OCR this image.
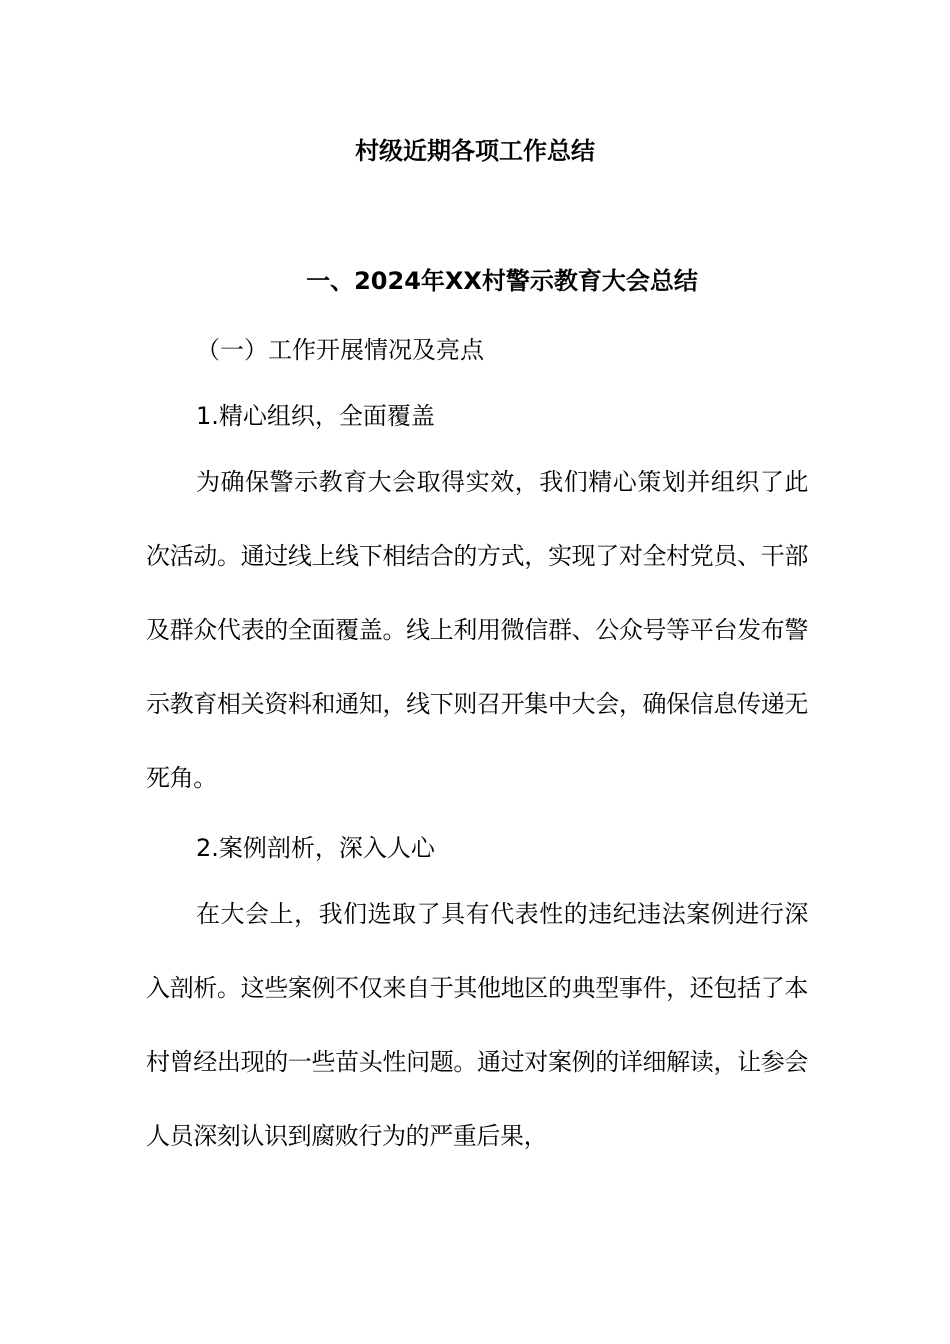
村级近期各项工作总结
一、2024年XX村警示教育大会总结
（一）工作开展情况及亮点
1.精心组织，全面覆盖

为确保警示教育大会取得实效，我们精心策划并组织了此次活动。通过线上线下相结合的方式，实现了对全村党员、干部及群众代表的全面覆盖。线上利用微信群、公众号等平台发布警示教育相关资料和通知，线下则召开集中大会，确保信息传递无死角。

2.案例剖析，深入人心

在大会上，我们选取了具有代表性的违纪违法案例进行深入剖析。这些案例不仅来自于其他地区的典型事件，还包括了本村曾经出现的一些苗头性问题。通过对案例的详细解读，让参会人员深刻认识到腐败行为的严重后果，
